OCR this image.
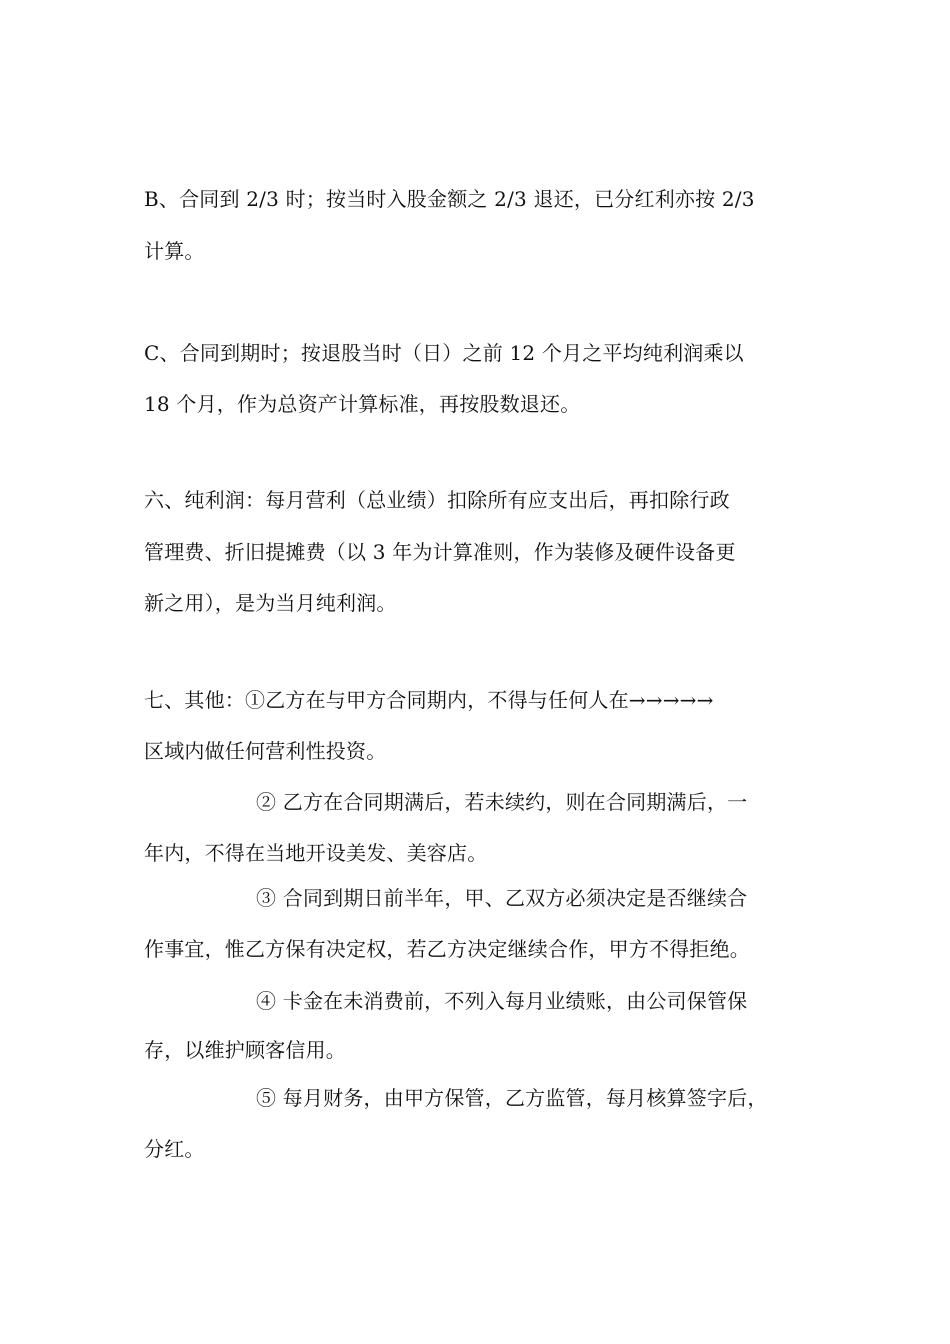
B、合同到 2/3 时；按当时入股金额之 2/3 退还，已分红利亦按 2/3
计算。
C、合同到期时；按退股当时（日）之前 12 个月之平均纯利润乘以
18 个月，作为总资产计算标准，再按股数退还。
六、纯利润：每月营利（总业绩）扣除所有应支出后，再扣除行政
管理费、折旧提摊费（以 3 年为计算准则，作为装修及硬件设备更
新之用），是为当月纯利润。
七、其他：①乙方在与甲方合同期内，不得与任何人在→→→→→
区域内做任何营利性投资。
② 乙方在合同期满后，若未续约，则在合同期满后，一
年内，不得在当地开设美发、美容店。
③ 合同到期日前半年，甲、乙双方必须决定是否继续合
作事宜，惟乙方保有决定权，若乙方决定继续合作，甲方不得拒绝。
④ 卡金在未消费前，不列入每月业绩账，由公司保管保
存，以维护顾客信用。
⑤ 每月财务，由甲方保管，乙方监管，每月核算签字后，
分红。
